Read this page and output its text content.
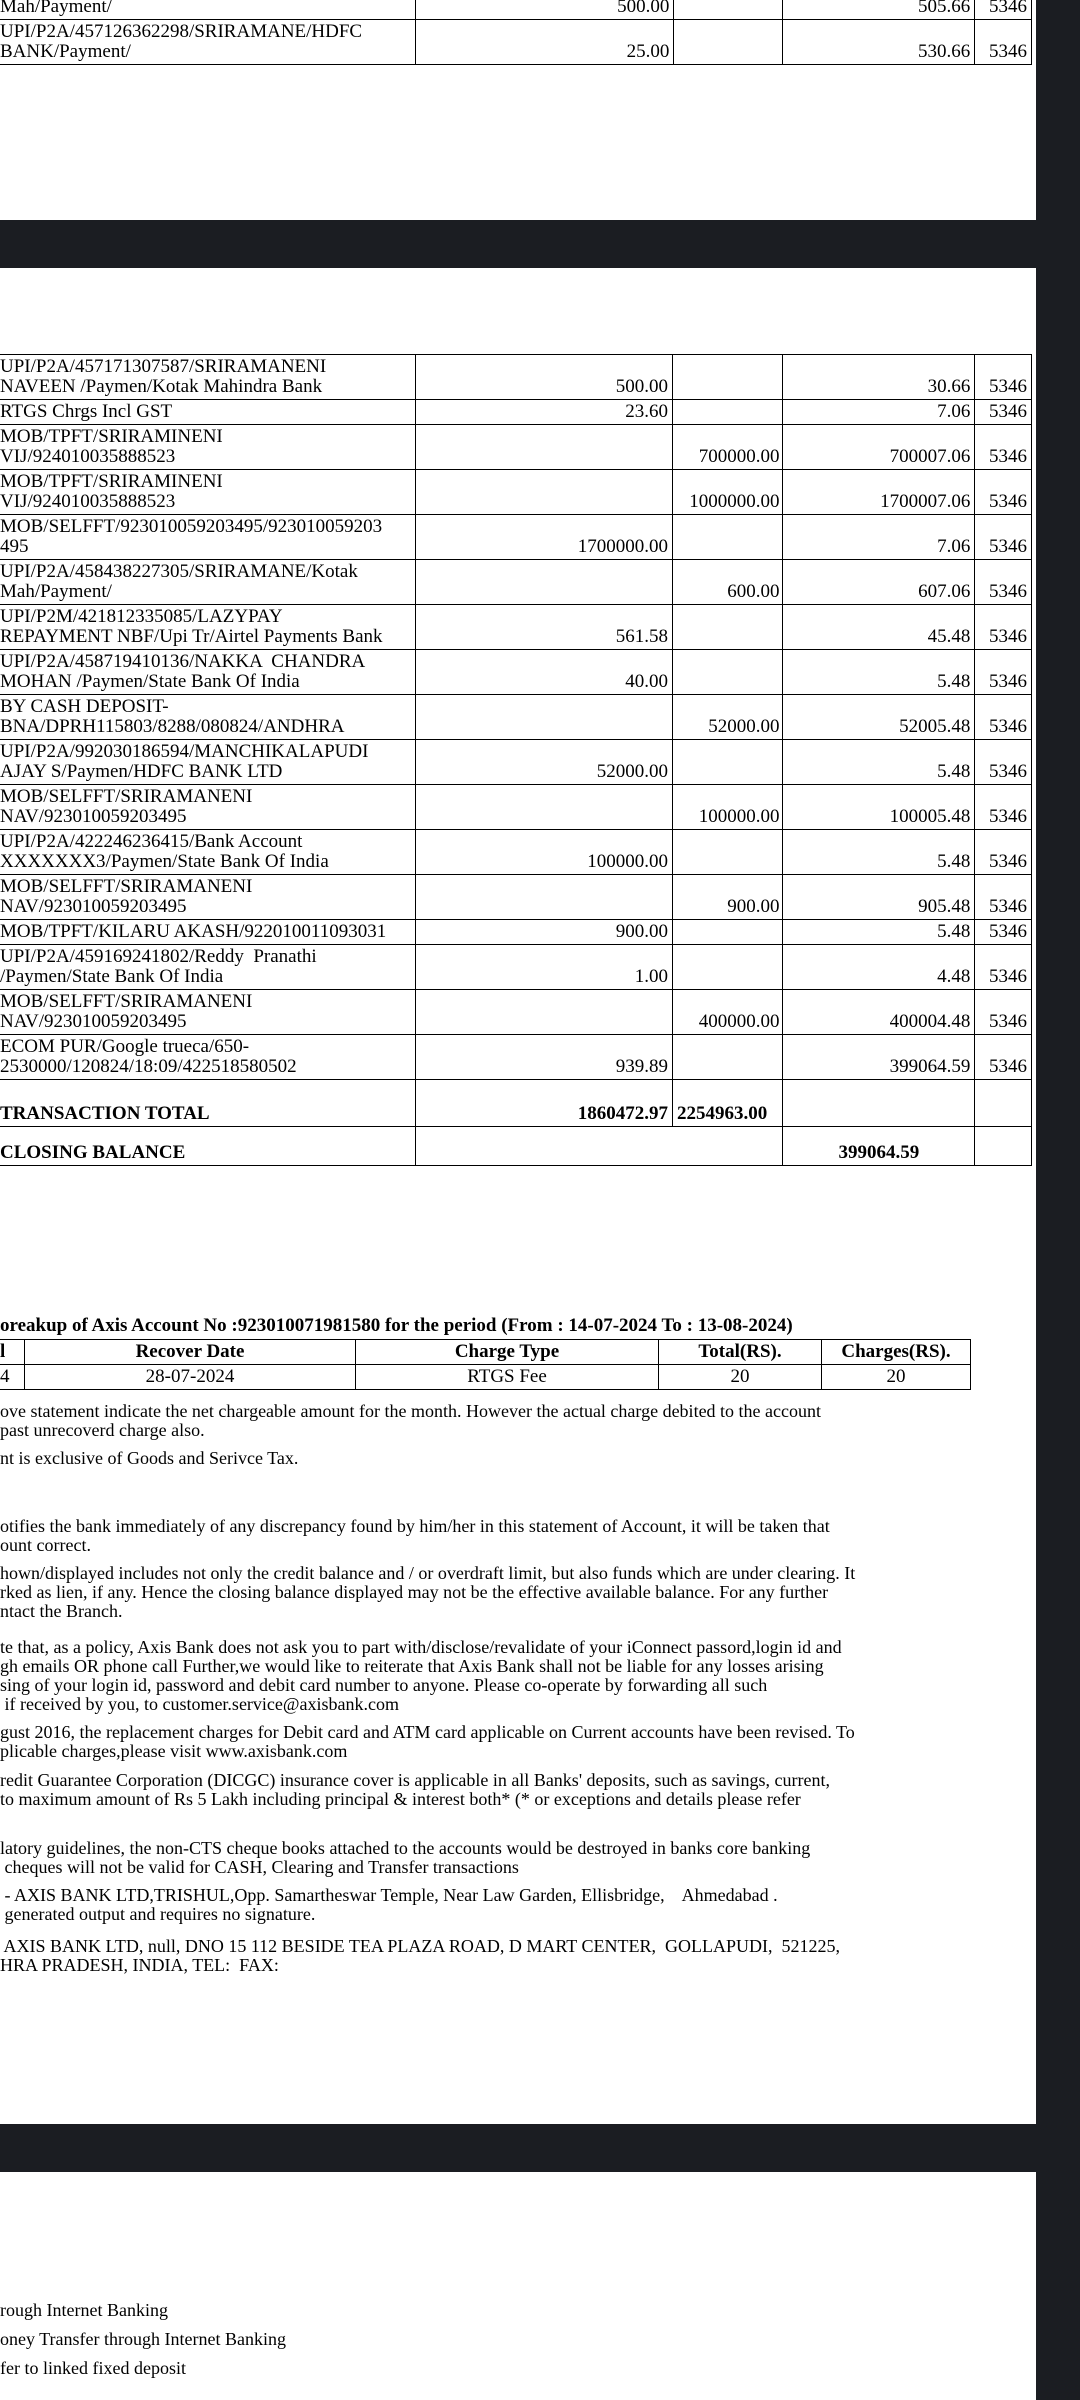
Mah/Payment/	500.00		505.66	5346
UPI/P2A/457126362298/SRIRAMANE/HDFC
BANK/Payment/	25.00		530.66	5346
UPI/P2A/457171307587/SRIRAMANENI
NAVEEN /Paymen/Kotak Mahindra Bank	500.00		30.66	5346
RTGS Chrgs Incl GST	23.60		7.06	5346
MOB/TPFT/SRIRAMINENI
VIJ/924010035888523		700000.00	700007.06	5346
MOB/TPFT/SRIRAMINENI
VIJ/924010035888523		1000000.00	1700007.06	5346
MOB/SELFFT/923010059203495/923010059203
495	1700000.00		7.06	5346
UPI/P2A/458438227305/SRIRAMANE/Kotak
Mah/Payment/		600.00	607.06	5346
UPI/P2M/421812335085/LAZYPAY
REPAYMENT NBF/Upi Tr/Airtel Payments Bank	561.58		45.48	5346
UPI/P2A/458719410136/NAKKA  CHANDRA
MOHAN /Paymen/State Bank Of India	40.00		5.48	5346
BY CASH DEPOSIT-
BNA/DPRH115803/8288/080824/ANDHRA		52000.00	52005.48	5346
UPI/P2A/992030186594/MANCHIKALAPUDI
AJAY S/Paymen/HDFC BANK LTD	52000.00		5.48	5346
MOB/SELFFT/SRIRAMANENI
NAV/923010059203495		100000.00	100005.48	5346
UPI/P2A/422246236415/Bank Account
XXXXXXX3/Paymen/State Bank Of India	100000.00		5.48	5346
MOB/SELFFT/SRIRAMANENI
NAV/923010059203495		900.00	905.48	5346
MOB/TPFT/KILARU AKASH/922010011093031	900.00		5.48	5346
UPI/P2A/459169241802/Reddy  Pranathi
/Paymen/State Bank Of India	1.00		4.48	5346
MOB/SELFFT/SRIRAMANENI
NAV/923010059203495		400000.00	400004.48	5346
ECOM PUR/Google trueca/650-
2530000/120824/18:09/422518580502	939.89		399064.59	5346
TRANSACTION TOTAL	1860472.97	2254963.00		
CLOSING BALANCE			399064.59	
oreakup of Axis Account No :923010071981580 for the period (From : 14-07-2024 To : 13-08-2024)
l	Recover Date	Charge Type	Total(RS).	Charges(RS).
4	28-07-2024	RTGS Fee	20	20
ove statement indicate the net chargeable amount for the month. However the actual charge debited to the account
past unrecoverd charge also.
nt is exclusive of Goods and Serivce Tax.
otifies the bank immediately of any discrepancy found by him/her in this statement of Account, it will be taken that
ount correct.
hown/displayed includes not only the credit balance and / or overdraft limit, but also funds which are under clearing. It
rked as lien, if any. Hence the closing balance displayed may not be the effective available balance. For any further
ntact the Branch.
te that, as a policy, Axis Bank does not ask you to part with/disclose/revalidate of your iConnect passord,login id and
gh emails OR phone call Further,we would like to reiterate that Axis Bank shall not be liable for any losses arising
sing of your login id, password and debit card number to anyone. Please co-operate by forwarding all such
if received by you, to customer.service@axisbank.com
gust 2016, the replacement charges for Debit card and ATM card applicable on Current accounts have been revised. To
plicable charges,please visit www.axisbank.com
redit Guarantee Corporation (DICGC) insurance cover is applicable in all Banks' deposits, such as savings, current,
to maximum amount of Rs 5 Lakh including principal & interest both* (* or exceptions and details please refer
latory guidelines, the non-CTS cheque books attached to the accounts would be destroyed in banks core banking
cheques will not be valid for CASH, Clearing and Transfer transactions
- AXIS BANK LTD,TRISHUL,Opp. Samartheswar Temple, Near Law Garden, Ellisbridge,    Ahmedabad .
generated output and requires no signature.
AXIS BANK LTD, null, DNO 15 112 BESIDE TEA PLAZA ROAD, D MART CENTER,  GOLLAPUDI,  521225,
HRA PRADESH, INDIA, TEL:  FAX:
rough Internet Banking
oney Transfer through Internet Banking
fer to linked fixed deposit
